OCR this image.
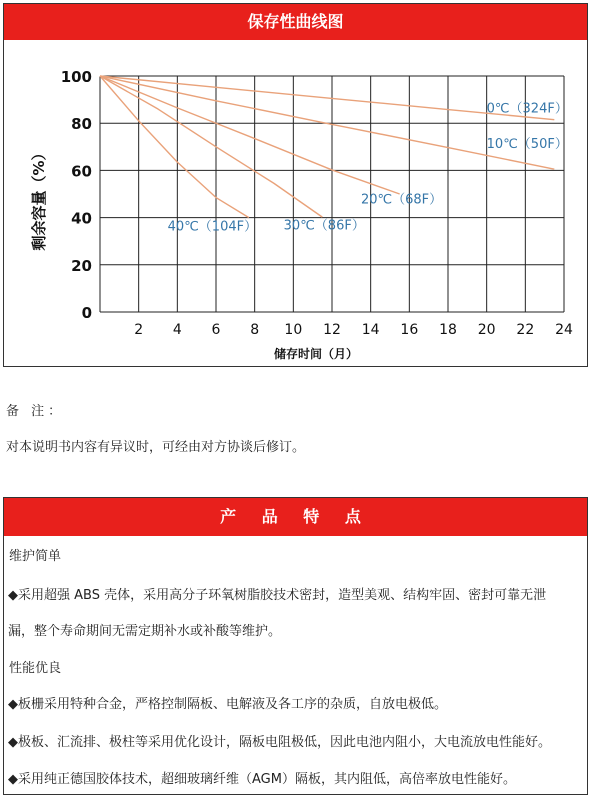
保存性曲线图
0
20
40
60
80
100
2 4 6 8 10 12 14 16 18 20 22 24
0℃（324F）
10℃（50F）
20℃（68F）
30℃（86F）
40℃（104F）
剩余容量（%）
储存时间（月）
备 注：
对本说明书内容有异议时，可经由对方协谈后修订。
产 品 特 点
维护简单
◆采用超强 ABS 壳体，采用高分子环氧树脂胶技术密封，造型美观、结构牢固、密封可靠无泄
漏，整个寿命期间无需定期补水或补酸等维护。
性能优良
◆板栅采用特种合金，严格控制隔板、电解液及各工序的杂质，自放电极低。
◆极板、汇流排、极柱等采用优化设计，隔板电阻极低，因此电池内阻小，大电流放电性能好。
◆采用纯正德国胶体技术，超细玻璃纤维（AGM）隔板，其内阻低，高倍率放电性能好。
